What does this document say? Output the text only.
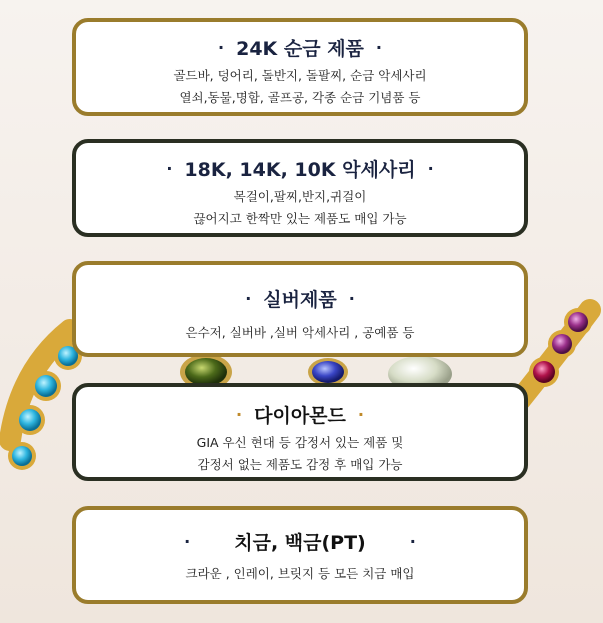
· 24K 순금 제품 ·
골드바, 덩어리, 돌반지, 돌팔찌, 순금 악세사리
열쇠,동물,명함, 골프공, 각종 순금 기념품 등
· 18K, 14K, 10K 악세사리 ·
목걸이,팔찌,반지,귀걸이
끊어지고 한짝만 있는 제품도 매입 가능
· 실버제품 ·
은수저, 실버바 ,실버 악세사리 , 공예품 등
· 다이아몬드 ·
GIA 우신 현대 등 감정서 있는 제품 및
감정서 없는 제품도 감정 후 매입 가능
· 치금, 백금(PT)	·
크라운 , 인레이, 브릿지 등 모든 치금 매입
